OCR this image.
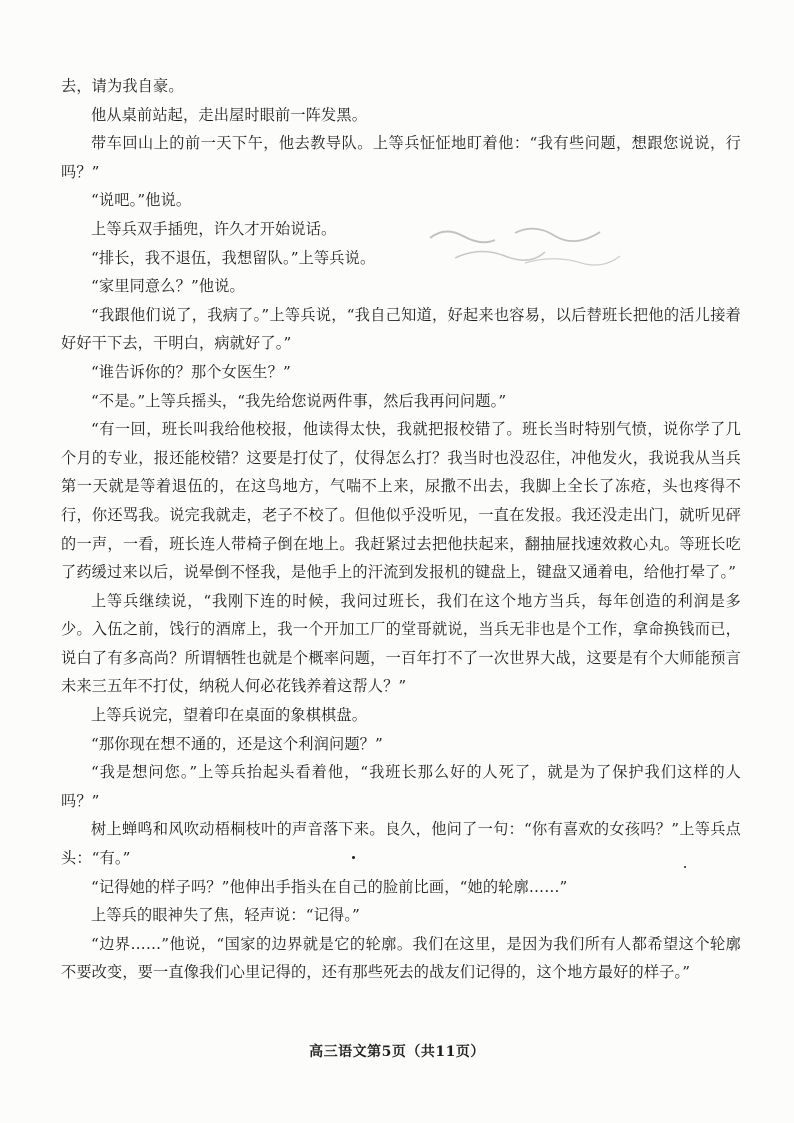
去，请为我自豪。

他从桌前站起，走出屋时眼前一阵发黑。

带车回山上的前一天下午，他去教导队。上等兵怔怔地盯着他：“我有些问题，想跟您说说，行吗？”

“说吧。”他说。

上等兵双手插兜，许久才开始说话。

“排长，我不退伍，我想留队。”上等兵说。

“家里同意么？”他说。

“我跟他们说了，我病了。”上等兵说，“我自己知道，好起来也容易，以后替班长把他的活儿接着好好干下去，干明白，病就好了。”

“谁告诉你的？那个女医生？”

“不是。”上等兵摇头，“我先给您说两件事，然后我再问问题。”

“有一回，班长叫我给他校报，他读得太快，我就把报校错了。班长当时特别气愤，说你学了几个月的专业，报还能校错？这要是打仗了，仗得怎么打？我当时也没忍住，冲他发火，我说我从当兵第一天就是等着退伍的，在这鸟地方，气喘不上来，尿撒不出去，我脚上全长了冻疮，头也疼得不行，你还骂我。说完我就走，老子不校了。但他似乎没听见，一直在发报。我还没走出门，就听见砰的一声，一看，班长连人带椅子倒在地上。我赶紧过去把他扶起来，翻抽屉找速效救心丸。等班长吃了药缓过来以后，说晕倒不怪我，是他手上的汗流到发报机的键盘上，键盘又通着电，给他打晕了。”

上等兵继续说，“我刚下连的时候，我问过班长，我们在这个地方当兵，每年创造的利润是多少。入伍之前，饯行的酒席上，我一个开加工厂的堂哥就说，当兵无非也是个工作，拿命换钱而已，说白了有多高尚？所谓牺牲也就是个概率问题，一百年打不了一次世界大战，这要是有个大师能预言未来三五年不打仗，纳税人何必花钱养着这帮人？”

上等兵说完，望着印在桌面的象棋棋盘。

“那你现在想不通的，还是这个利润问题？”

“我是想问您。”上等兵抬起头看着他，“我班长那么好的人死了，就是为了保护我们这样的人吗？”

树上蝉鸣和风吹动梧桐枝叶的声音落下来。良久，他问了一句：“你有喜欢的女孩吗？”上等兵点头：“有。”

“记得她的样子吗？”他伸出手指头在自己的脸前比画，“她的轮廓……”

上等兵的眼神失了焦，轻声说：“记得。”

“边界……”他说，“国家的边界就是它的轮廓。我们在这里，是因为我们所有人都希望这个轮廓不要改变，要一直像我们心里记得的，还有那些死去的战友们记得的，这个地方最好的样子。”

高三语文第5页（共11页）
